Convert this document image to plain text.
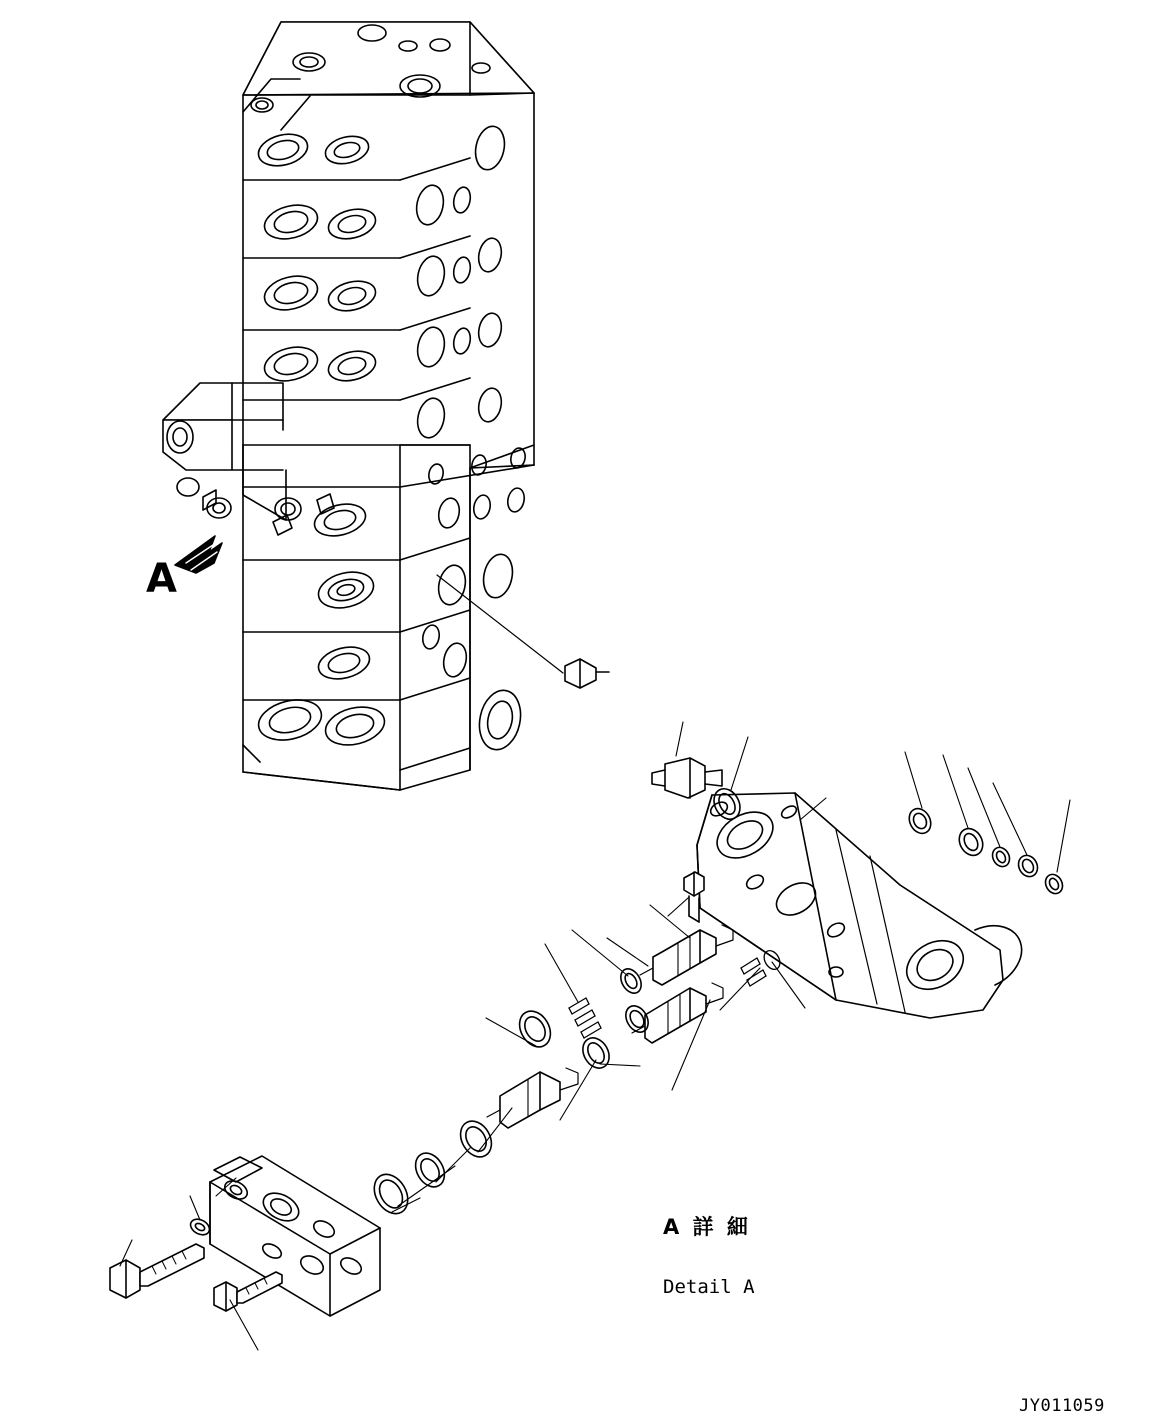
A

A 詳 細

Detail A

JY011059
